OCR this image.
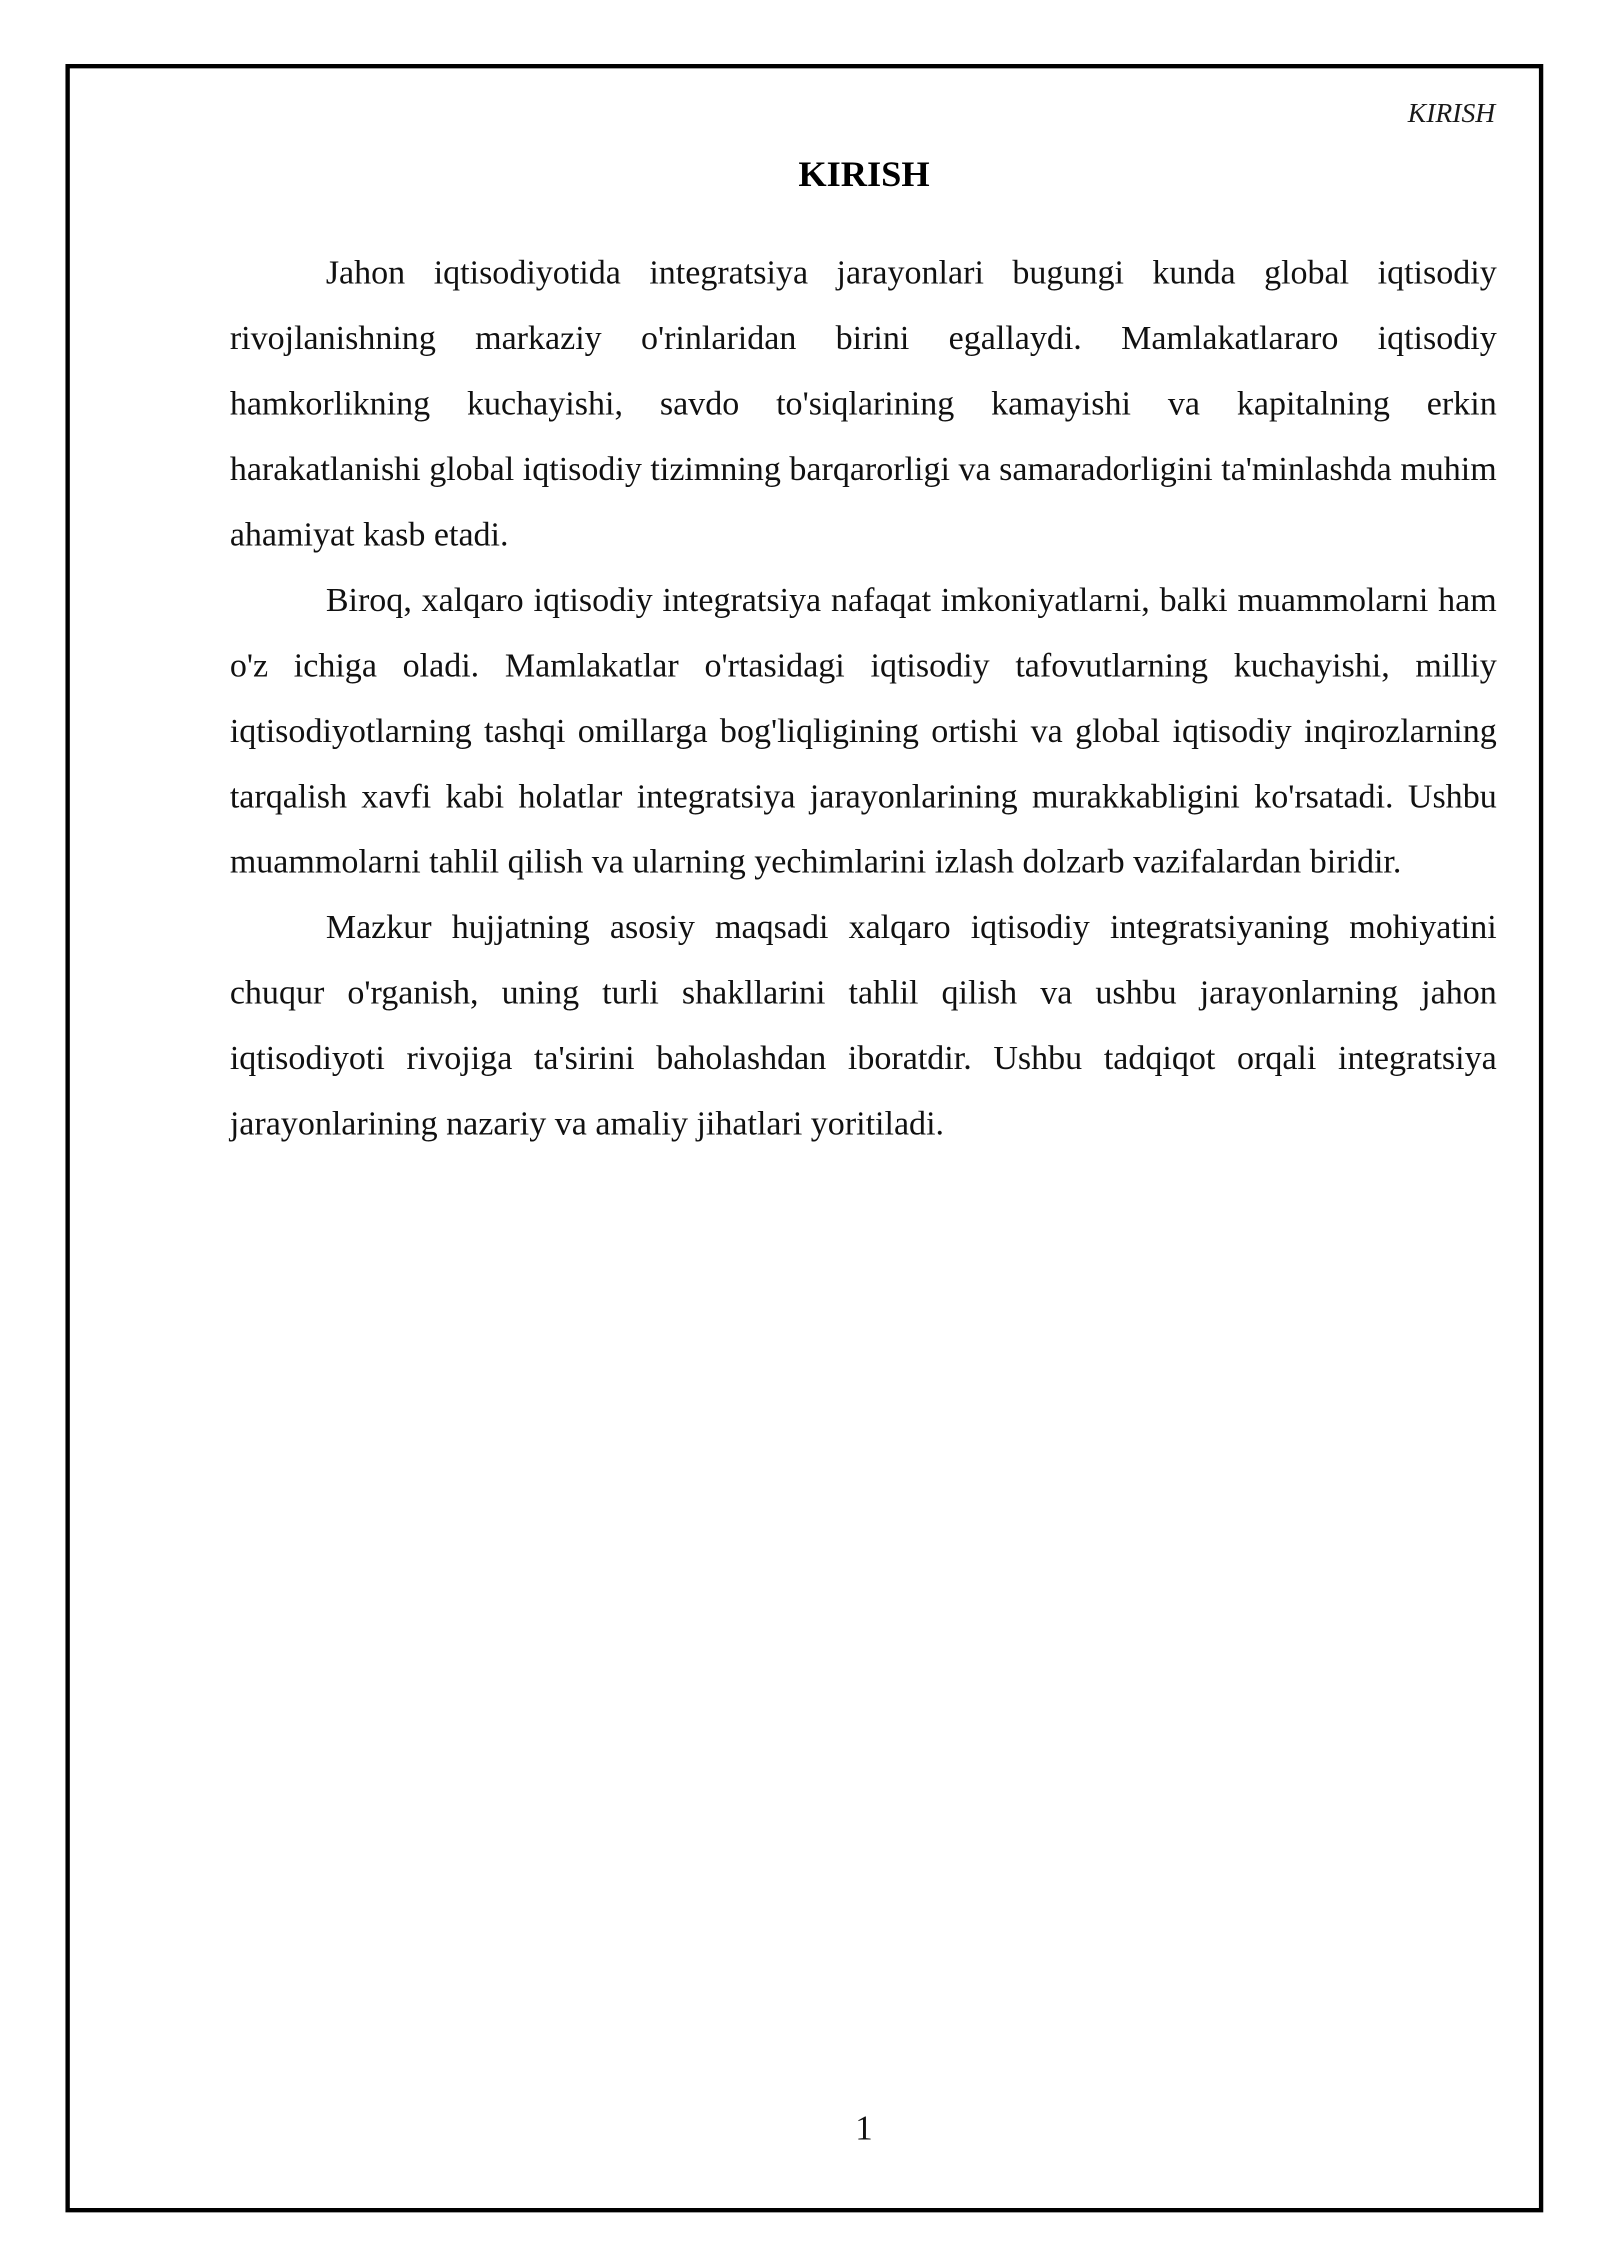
KIRISH
KIRISH

Jahon iqtisodiyotida integratsiya jarayonlari bugungi kunda global iqtisodiy rivojlanishning markaziy o'rinlaridan birini egallaydi. Mamlakatlararo iqtisodiy hamkorlikning kuchayishi, savdo to'siqlarining kamayishi va kapitalning erkin harakatlanishi global iqtisodiy tizimning barqarorligi va samaradorligini ta'minlashda muhim ahamiyat kasb etadi.

Biroq, xalqaro iqtisodiy integratsiya nafaqat imkoniyatlarni, balki muammolarni ham o'z ichiga oladi. Mamlakatlar o'rtasidagi iqtisodiy tafovutlarning kuchayishi, milliy iqtisodiyotlarning tashqi omillarga bog'liqligining ortishi va global iqtisodiy inqirozlarning tarqalish xavfi kabi holatlar integratsiya jarayonlarining murakkabligini ko'rsatadi. Ushbu muammolarni tahlil qilish va ularning yechimlarini izlash dolzarb vazifalardan biridir.

Mazkur hujjatning asosiy maqsadi xalqaro iqtisodiy integratsiyaning mohiyatini chuqur o'rganish, uning turli shakllarini tahlil qilish va ushbu jarayonlarning jahon iqtisodiyoti rivojiga ta'sirini baholashdan iboratdir. Ushbu tadqiqot orqali integratsiya jarayonlarining nazariy va amaliy jihatlari yoritiladi.

1
